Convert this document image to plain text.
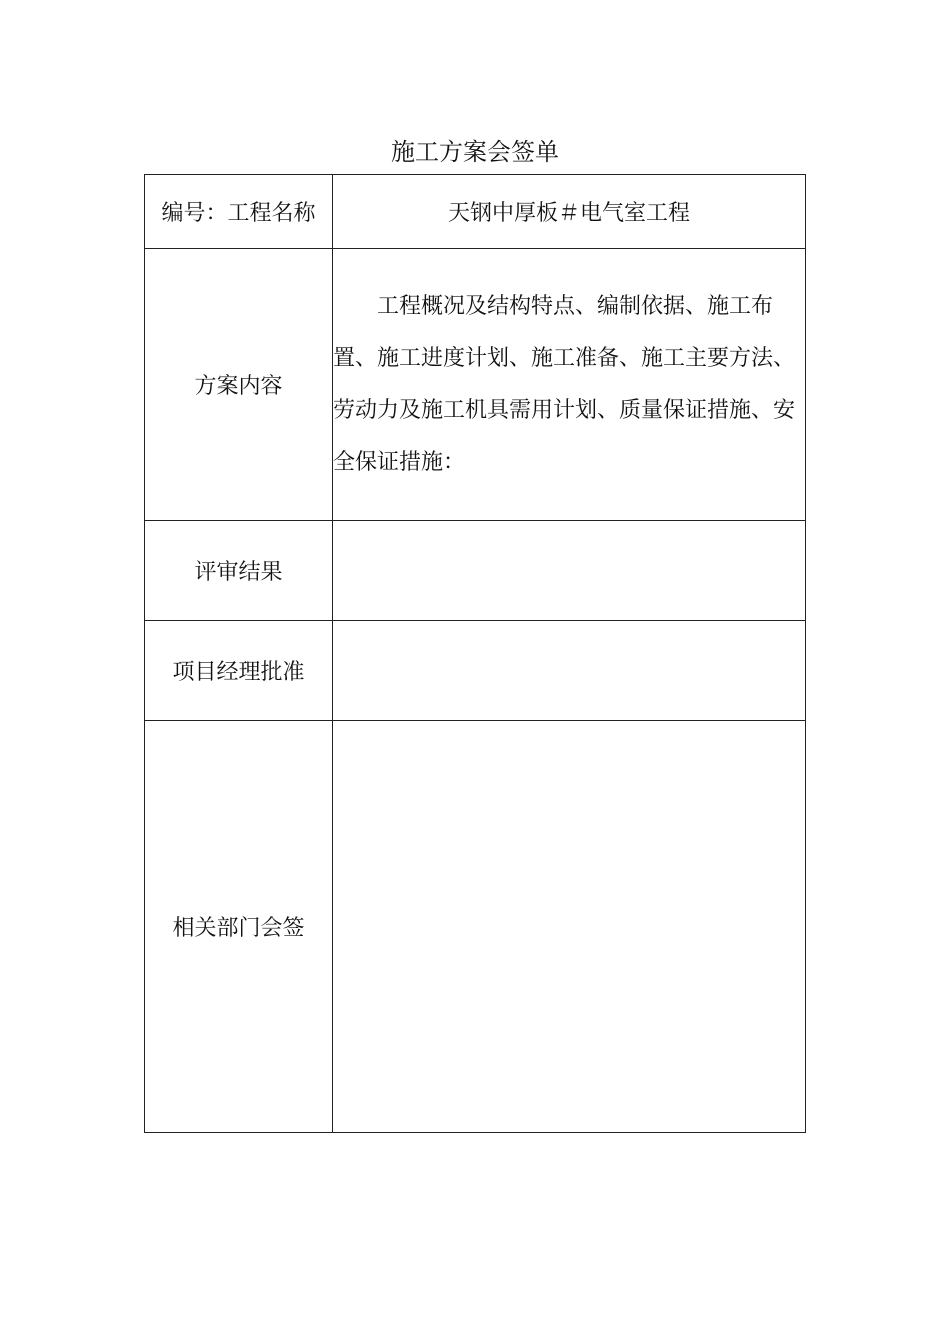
施工方案会签单
编号：工程名称	天钢中厚板＃电气室工程
方案内容	工程概况及结构特点、编制依据、施工布置、施工进度计划、施工准备、施工主要方法、劳动力及施工机具需用计划、质量保证措施、安全保证措施：
评审结果	
项目经理批准	
相关部门会签	
